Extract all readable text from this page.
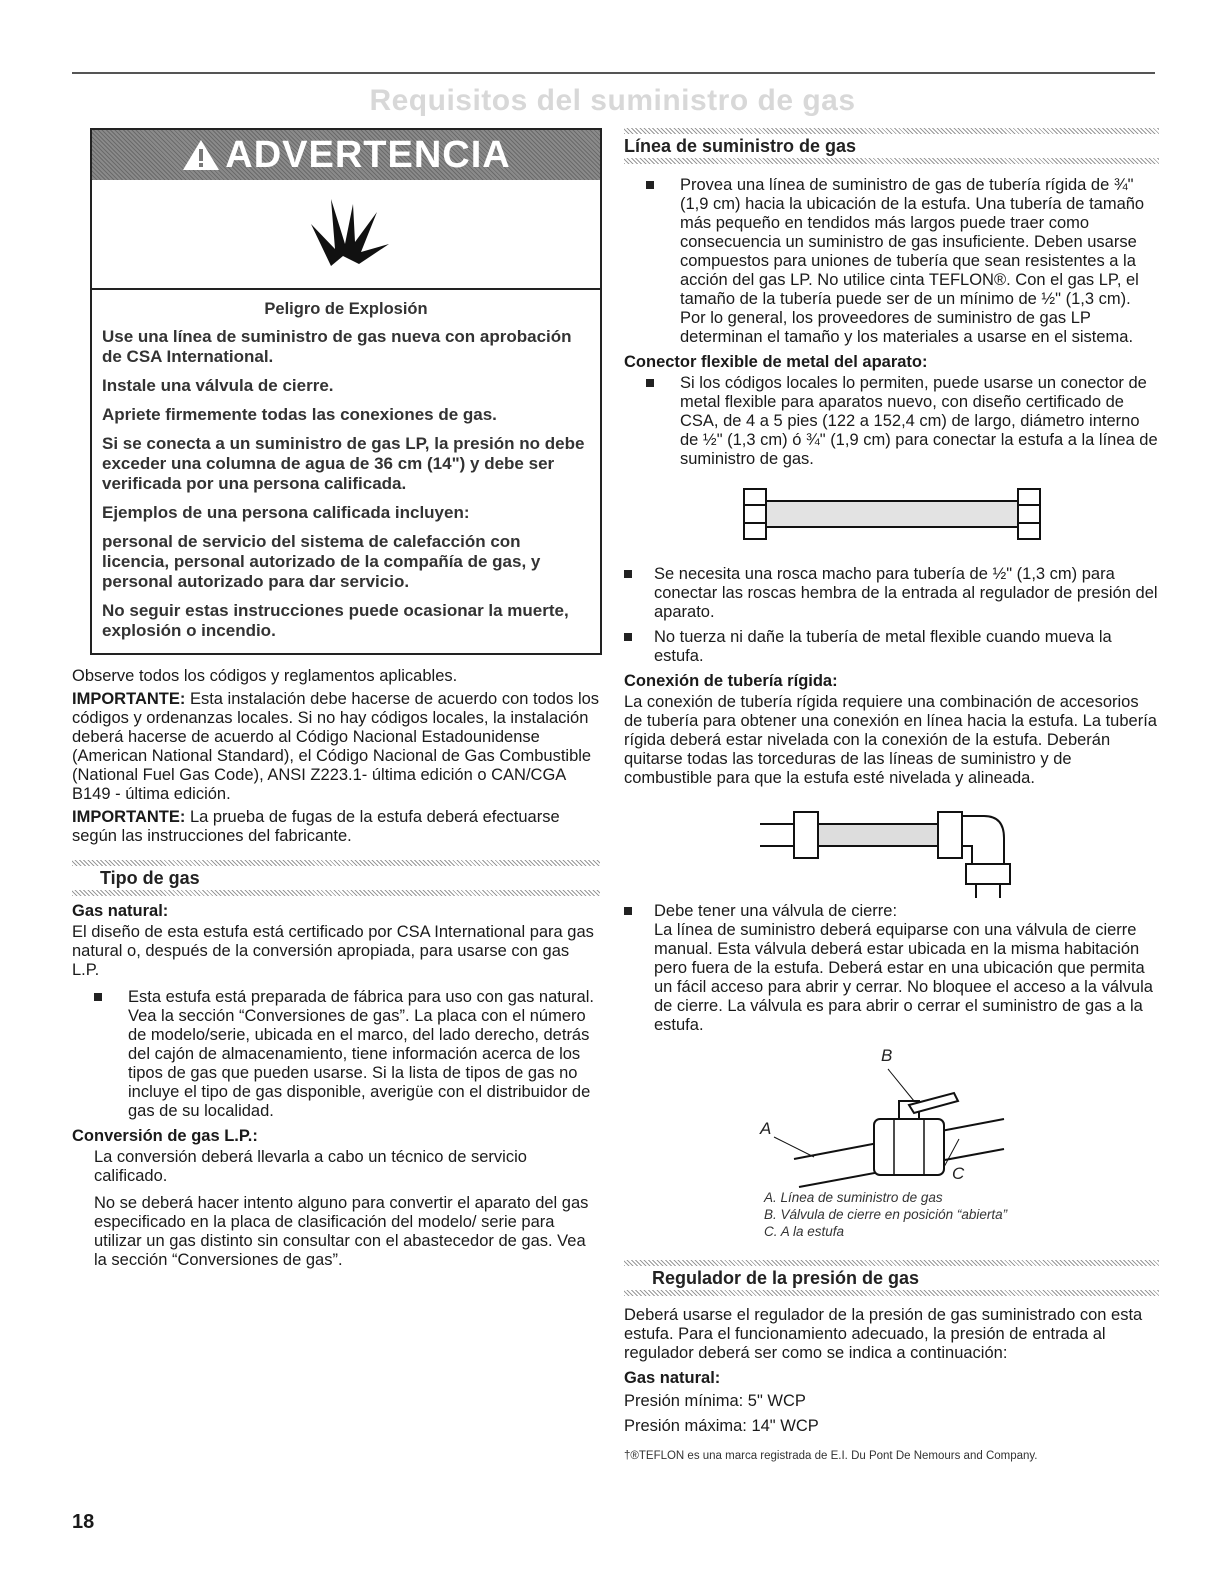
Requisitos del suministro de gas
ADVERTENCIA
Peligro de Explosión

Use una línea de suministro de gas nueva con aprobación de CSA International.

Instale una válvula de cierre.

Apriete firmemente todas las conexiones de gas.

Si se conecta a un suministro de gas LP, la presión no debe exceder una columna de agua de 36 cm (14") y debe ser verificada por una persona calificada.

Ejemplos de una persona calificada incluyen:

personal de servicio del sistema de calefacción con licencia, personal autorizado de la compañía de gas, y personal autorizado para dar servicio.

No seguir estas instrucciones puede ocasionar la muerte, explosión o incendio.

Observe todos los códigos y reglamentos aplicables.

IMPORTANTE: Esta instalación debe hacerse de acuerdo con todos los códigos y ordenanzas locales. Si no hay códigos locales, la instalación deberá hacerse de acuerdo al Código Nacional Estadounidense (American National Standard), el Código Nacional de Gas Combustible (National Fuel Gas Code), ANSI Z223.1- última edición o CAN/CGA B149 - última edición.

IMPORTANTE: La prueba de fugas de la estufa deberá efectuarse según las instrucciones del fabricante.

Tipo de gas
Gas natural:

El diseño de esta estufa está certificado por CSA International para gas natural o, después de la conversión apropiada, para usarse con gas L.P.

Esta estufa está preparada de fábrica para uso con gas natural. Vea la sección “Conversiones de gas”. La placa con el número de modelo/serie, ubicada en el marco, del lado derecho, detrás del cajón de almacenamiento, tiene información acerca de los tipos de gas que pueden usarse. Si la lista de tipos de gas no incluye el tipo de gas disponible, averigüe con el distribuidor de gas de su localidad.
Conversión de gas L.P.:

La conversión deberá llevarla a cabo un técnico de servicio calificado.

No se deberá hacer intento alguno para convertir el aparato del gas especificado en la placa de clasificación del modelo/ serie para utilizar un gas distinto sin consultar con el abastecedor de gas. Vea la sección “Conversiones de gas”.

Línea de suministro de gas
Provea una línea de suministro de gas de tubería rígida de ¾" (1,9 cm) hacia la ubicación de la estufa. Una tubería de tamaño más pequeño en tendidos más largos puede traer como consecuencia un suministro de gas insuficiente. Deben usarse compuestos para uniones de tubería que sean resistentes a la acción del gas LP. No utilice cinta TEFLON®. Con el gas LP, el tamaño de la tubería puede ser de un mínimo de ½" (1,3 cm). Por lo general, los proveedores de suministro de gas LP determinan el tamaño y los materiales a usarse en el sistema.
Conector flexible de metal del aparato:
Si los códigos locales lo permiten, puede usarse un conector de metal flexible para aparatos nuevo, con diseño certificado de CSA, de 4 a 5 pies (122 a 152,4 cm) de largo, diámetro interno de ½" (1,3 cm) ó ¾" (1,9 cm) para conectar la estufa a la línea de suministro de gas.
Se necesita una rosca macho para tubería de ½" (1,3 cm) para conectar las roscas hembra de la entrada al regulador de presión del aparato.
No tuerza ni dañe la tubería de metal flexible cuando mueva la estufa.
Conexión de tubería rígida:

La conexión de tubería rígida requiere una combinación de accesorios de tubería para obtener una conexión en línea hacia la estufa. La tubería rígida deberá estar nivelada con la conexión de la estufa. Deberán quitarse todas las torceduras de las líneas de suministro y de combustible para que la estufa esté nivelada y alineada.

Debe tener una válvula de cierre:
La línea de suministro deberá equiparse con una válvula de cierre manual. Esta válvula deberá estar ubicada en la misma habitación pero fuera de la estufa. Deberá estar en una ubicación que permita un fácil acceso para abrir y cerrar. No bloquee el acceso a la válvula de cierre. La válvula es para abrir o cerrar el suministro de gas a la estufa.
B
A
C
A. Línea de suministro de gas
B. Válvula de cierre en posición “abierta”
C. A la estufa
Regulador de la presión de gas

Deberá usarse el regulador de la presión de gas suministrado con esta estufa. Para el funcionamiento adecuado, la presión de entrada al regulador deberá ser como se indica a continuación:

Gas natural:

Presión mínima: 5" WCP

Presión máxima: 14" WCP

†®TEFLON es una marca registrada de E.I. Du Pont De Nemours and Company.
18
